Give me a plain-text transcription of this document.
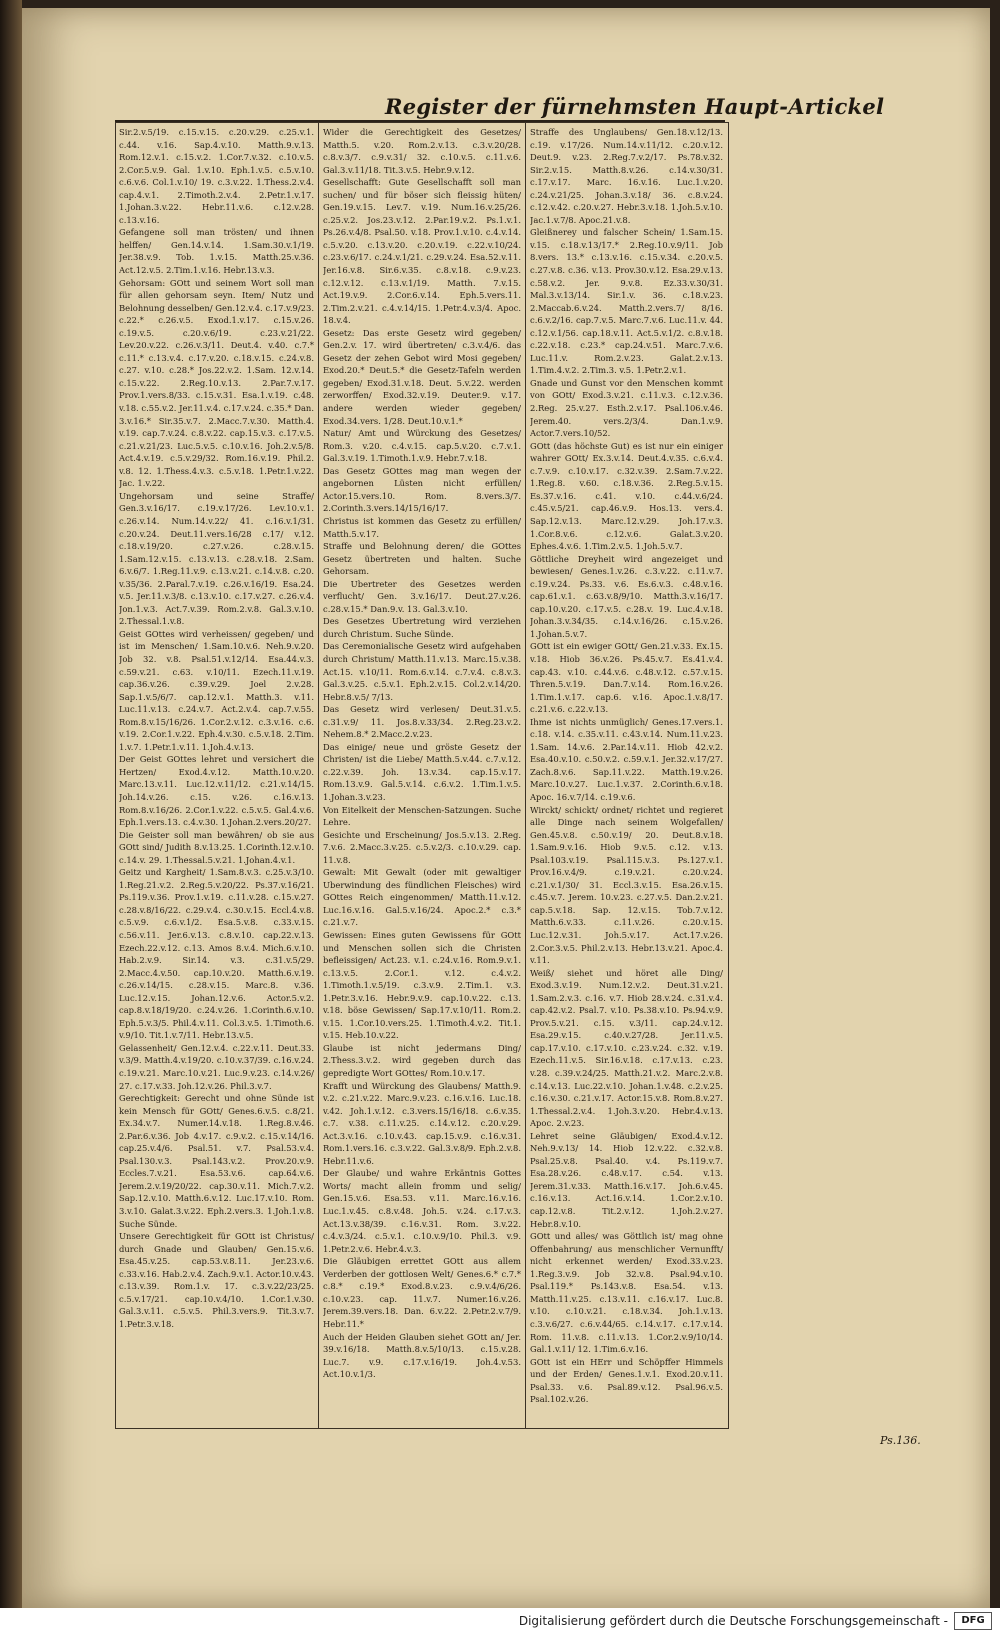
Register der fürnehmsten Haupt-Artickel

Sir.2.v.5/19. c.15.v.15. c.20.v.29. c.25.v.1. c.44. v.16. Sap.4.v.10. Matth.9.v.13. Rom.12.v.1. c.15.v.2. 1.Cor.7.v.32. c.10.v.5. 2.Cor.5.v.9. Gal. 1.v.10. Eph.1.v.5. c.5.v.10. c.6.v.6. Col.1.v.10/ 19. c.3.v.22. 1.Thess.2.v.4. cap.4.v.1. 2.Timoth.2.v.4. 2.Petr.1.v.17. 1.Johan.3.v.22. Hebr.11.v.6. c.12.v.28. c.13.v.16.

Gefangene soll man trösten/ und ihnen helffen/ Gen.14.v.14. 1.Sam.30.v.1/19. Jer.38.v.9. Tob. 1.v.15. Matth.25.v.36. Act.12.v.5. 2.Tim.1.v.16. Hebr.13.v.3.

Gehorsam: GOtt und seinem Wort soll man für allen gehorsam seyn. Item/ Nutz und Belohnung desselben/ Gen.12.v.4. c.17.v.9/23. c.22.* c.26.v.5. Exod.1.v.17. c.15.v.26. c.19.v.5. c.20.v.6/19. c.23.v.21/22. Lev.20.v.22. c.26.v.3/11. Deut.4. v.40. c.7.* c.11.* c.13.v.4. c.17.v.20. c.18.v.15. c.24.v.8. c.27. v.10. c.28.* Jos.22.v.2. 1.Sam. 12.v.14. c.15.v.22. 2.Reg.10.v.13. 2.Par.7.v.17. Prov.1.vers.8/33. c.15.v.31. Esa.1.v.19. c.48. v.18. c.55.v.2. Jer.11.v.4. c.17.v.24. c.35.* Dan. 3.v.16.* Sir.35.v.7. 2.Macc.7.v.30. Matth.4. v.19. cap.7.v.24. c.8.v.22. cap.15.v.3. c.17.v.5. c.21.v.21/23. Luc.5.v.5. c.10.v.16. Joh.2.v.5/8. Act.4.v.19. c.5.v.29/32. Rom.16.v.19. Phil.2. v.8. 12. 1.Thess.4.v.3. c.5.v.18. 1.Petr.1.v.22. Jac. 1.v.22.

Ungehorsam und seine Straffe/ Gen.3.v.16/17. c.19.v.17/26. Lev.10.v.1. c.26.v.14. Num.14.v.22/ 41. c.16.v.1/31. c.20.v.24. Deut.11.vers.16/28 c.17/ v.12. c.18.v.19/20. c.27.v.26. c.28.v.15. 1.Sam.12.v.15. c.13.v.13. c.28.v.18. 2.Sam. 6.v.6/7. 1.Reg.11.v.9. c.13.v.21. c.14.v.8. c.20. v.35/36. 2.Paral.7.v.19. c.26.v.16/19. Esa.24. v.5. Jer.11.v.3/8. c.13.v.10. c.17.v.27. c.26.v.4. Jon.1.v.3. Act.7.v.39. Rom.2.v.8. Gal.3.v.10. 2.Thessal.1.v.8.

Geist GOttes wird verheissen/ gegeben/ und ist im Menschen/ 1.Sam.10.v.6. Neh.9.v.20. Job 32. v.8. Psal.51.v.12/14. Esa.44.v.3. c.59.v.21. c.63. v.10/11. Ezech.11.v.19. cap.36.v.26. c.39.v.29. Joel 2.v.28. Sap.1.v.5/6/7. cap.12.v.1. Matth.3. v.11. Luc.11.v.13. c.24.v.7. Act.2.v.4. cap.7.v.55. Rom.8.v.15/16/26. 1.Cor.2.v.12. c.3.v.16. c.6. v.19. 2.Cor.1.v.22. Eph.4.v.30. c.5.v.18. 2.Tim. 1.v.7. 1.Petr.1.v.11. 1.Joh.4.v.13.

Der Geist GOttes lehret und versichert die Hertzen/ Exod.4.v.12. Matth.10.v.20. Marc.13.v.11. Luc.12.v.11/12. c.21.v.14/15. Joh.14.v.26. c.15. v.26. c.16.v.13. Rom.8.v.16/26. 2.Cor.1.v.22. c.5.v.5. Gal.4.v.6. Eph.1.vers.13. c.4.v.30. 1.Johan.2.vers.20/27.

Die Geister soll man bewähren/ ob sie aus GOtt sind/ Judith 8.v.13.25. 1.Corinth.12.v.10. c.14.v. 29. 1.Thessal.5.v.21. 1.Johan.4.v.1.

Geitz und Kargheit/ 1.Sam.8.v.3. c.25.v.3/10. 1.Reg.21.v.2. 2.Reg.5.v.20/22. Ps.37.v.16/21. Ps.119.v.36. Prov.1.v.19. c.11.v.28. c.15.v.27. c.28.v.8/16/22. c.29.v.4. c.30.v.15. Eccl.4.v.8. c.5.v.9. c.6.v.1/2. Esa.5.v.8. c.33.v.15. c.56.v.11. Jer.6.v.13. c.8.v.10. cap.22.v.13. Ezech.22.v.12. c.13. Amos 8.v.4. Mich.6.v.10. Hab.2.v.9. Sir.14. v.3. c.31.v.5/29. 2.Macc.4.v.50. cap.10.v.20. Matth.6.v.19. c.26.v.14/15. c.28.v.15. Marc.8. v.36. Luc.12.v.15. Johan.12.v.6. Actor.5.v.2. cap.8.v.18/19/20. c.24.v.26. 1.Corinth.6.v.10. Eph.5.v.3/5. Phil.4.v.11. Col.3.v.5. 1.Timoth.6. v.9/10. Tit.1.v.7/11. Hebr.13.v.5.

Gelassenheit/ Gen.12.v.4. c.22.v.11. Deut.33. v.3/9. Matth.4.v.19/20. c.10.v.37/39. c.16.v.24. c.19.v.21. Marc.10.v.21. Luc.9.v.23. c.14.v.26/ 27. c.17.v.33. Joh.12.v.26. Phil.3.v.7.

Gerechtigkeit: Gerecht und ohne Sünde ist kein Mensch für GOtt/ Genes.6.v.5. c.8/21. Ex.34.v.7. Numer.14.v.18. 1.Reg.8.v.46. 2.Par.6.v.36. Job 4.v.17. c.9.v.2. c.15.v.14/16. cap.25.v.4/6. Psal.51. v.7. Psal.53.v.4. Psal.130.v.3. Psal.143.v.2. Prov.20.v.9. Eccles.7.v.21. Esa.53.v.6. cap.64.v.6. Jerem.2.v.19/20/22. cap.30.v.11. Mich.7.v.2. Sap.12.v.10. Matth.6.v.12. Luc.17.v.10. Rom. 3.v.10. Galat.3.v.22. Eph.2.vers.3. 1.Joh.1.v.8. Suche Sünde.

Unsere Gerechtigkeit für GOtt ist Christus/ durch Gnade und Glauben/ Gen.15.v.6. Esa.45.v.25. cap.53.v.8.11. Jer.23.v.6. c.33.v.16. Hab.2.v.4. Zach.9.v.1. Actor.10.v.43. c.13.v.39. Rom.1.v. 17. c.3.v.22/23/25. c.5.v.17/21. cap.10.v.4/10. 1.Cor.1.v.30. Gal.3.v.11. c.5.v.5. Phil.3.vers.9. Tit.3.v.7. 1.Petr.3.v.18.

Wider die Gerechtigkeit des Gesetzes/ Matth.5. v.20. Rom.2.v.13. c.3.v.20/28. c.8.v.3/7. c.9.v.31/ 32. c.10.v.5. c.11.v.6. Gal.3.v.11/18. Tit.3.v.5. Hebr.9.v.12.

Gesellschafft: Gute Gesellschafft soll man suchen/ und für böser sich fleissig hüten/ Gen.19.v.15. Lev.7. v.19. Num.16.v.25/26. c.25.v.2. Jos.23.v.12. 2.Par.19.v.2. Ps.1.v.1. Ps.26.v.4/8. Psal.50. v.18. Prov.1.v.10. c.4.v.14. c.5.v.20. c.13.v.20. c.20.v.19. c.22.v.10/24. c.23.v.6/17. c.24.v.1/21. c.29.v.24. Esa.52.v.11. Jer.16.v.8. Sir.6.v.35. c.8.v.18. c.9.v.23. c.12.v.12. c.13.v.1/19. Matth. 7.v.15. Act.19.v.9. 2.Cor.6.v.14. Eph.5.vers.11. 2.Tim.2.v.21. c.4.v.14/15. 1.Petr.4.v.3/4. Apoc. 18.v.4.

Gesetz: Das erste Gesetz wird gegeben/ Gen.2.v. 17. wird übertreten/ c.3.v.4/6. das Gesetz der zehen Gebot wird Mosi gegeben/ Exod.20.* Deut.5.* die Gesetz-Tafeln werden gegeben/ Exod.31.v.18. Deut. 5.v.22. werden zerworffen/ Exod.32.v.19. Deuter.9. v.17. andere werden wieder gegeben/ Exod.34.vers. 1/28. Deut.10.v.1.*

Natur/ Amt und Würckung des Gesetzes/ Rom.3. v.20. c.4.v.15. cap.5.v.20. c.7.v.1. Gal.3.v.19. 1.Timoth.1.v.9. Hebr.7.v.18.

Das Gesetz GOttes mag man wegen der angebornen Lüsten nicht erfüllen/ Actor.15.vers.10. Rom. 8.vers.3/7. 2.Corinth.3.vers.14/15/16/17.

Christus ist kommen das Gesetz zu erfüllen/ Matth.5.v.17.

Straffe und Belohnung deren/ die GOttes Gesetz übertreten und halten. Suche Gehorsam.

Die Ubertreter des Gesetzes werden verflucht/ Gen. 3.v.16/17. Deut.27.v.26. c.28.v.15.* Dan.9.v. 13. Gal.3.v.10.

Des Gesetzes Ubertretung wird verziehen durch Christum. Suche Sünde.

Das Ceremonialische Gesetz wird aufgehaben durch Christum/ Matth.11.v.13. Marc.15.v.38. Act.15. v.10/11. Rom.6.v.14. c.7.v.4. c.8.v.3. Gal.3.v.25. c.5.v.1. Eph.2.v.15. Col.2.v.14/20. Hebr.8.v.5/ 7/13.

Das Gesetz wird verlesen/ Deut.31.v.5. c.31.v.9/ 11. Jos.8.v.33/34. 2.Reg.23.v.2. Nehem.8.* 2.Macc.2.v.23.

Das einige/ neue und gröste Gesetz der Christen/ ist die Liebe/ Matth.5.v.44. c.7.v.12. c.22.v.39. Joh. 13.v.34. cap.15.v.17. Rom.13.v.9. Gal.5.v.14. c.6.v.2. 1.Tim.1.v.5. 1.Johan.3.v.23.

Von Eitelkeit der Menschen-Satzungen. Suche Lehre.

Gesichte und Erscheinung/ Jos.5.v.13. 2.Reg. 7.v.6. 2.Macc.3.v.25. c.5.v.2/3. c.10.v.29. cap. 11.v.8.

Gewalt: Mit Gewalt (oder mit gewaltiger Uberwindung des fündlichen Fleisches) wird GOttes Reich eingenommen/ Matth.11.v.12. Luc.16.v.16. Gal.5.v.16/24. Apoc.2.* c.3.* c.21.v.7.

Gewissen: Eines guten Gewissens für GOtt und Menschen sollen sich die Christen befleissigen/ Act.23. v.1. c.24.v.16. Rom.9.v.1. c.13.v.5. 2.Cor.1. v.12. c.4.v.2. 1.Timoth.1.v.5/19. c.3.v.9. 2.Tim.1. v.3. 1.Petr.3.v.16. Hebr.9.v.9. cap.10.v.22. c.13. v.18. böse Gewissen/ Sap.17.v.10/11. Rom.2. v.15. 1.Cor.10.vers.25. 1.Timoth.4.v.2. Tit.1. v.15. Heb.10.v.22.

Glaube ist nicht jedermans Ding/ 2.Thess.3.v.2. wird gegeben durch das gepredigte Wort GOttes/ Rom.10.v.17.

Krafft und Würckung des Glaubens/ Matth.9. v.2. c.21.v.22. Marc.9.v.23. c.16.v.16. Luc.18. v.42. Joh.1.v.12. c.3.vers.15/16/18. c.6.v.35. c.7. v.38. c.11.v.25. c.14.v.12. c.20.v.29. Act.3.v.16. c.10.v.43. cap.15.v.9. c.16.v.31. Rom.1.vers.16. c.3.v.22. Gal.3.v.8/9. Eph.2.v.8. Hebr.11.v.6.

Der Glaube/ und wahre Erkäntnis Gottes Worts/ macht allein fromm und selig/ Gen.15.v.6. Esa.53. v.11. Marc.16.v.16. Luc.1.v.45. c.8.v.48. Joh.5. v.24. c.17.v.3. Act.13.v.38/39. c.16.v.31. Rom. 3.v.22. c.4.v.3/24. c.5.v.1. c.10.v.9/10. Phil.3. v.9. 1.Petr.2.v.6. Hebr.4.v.3.

Die Gläubigen errettet GOtt aus allem Verderben der gottlosen Welt/ Genes.6.* c.7.* c.8.* c.19.* Exod.8.v.23. c.9.v.4/6/26. c.10.v.23. cap. 11.v.7. Numer.16.v.26. Jerem.39.vers.18. Dan. 6.v.22. 2.Petr.2.v.7/9. Hebr.11.*

Auch der Heiden Glauben siehet GOtt an/ Jer. 39.v.16/18. Matth.8.v.5/10/13. c.15.v.28. Luc.7. v.9. c.17.v.16/19. Joh.4.v.53. Act.10.v.1/3.

Straffe des Unglaubens/ Gen.18.v.12/13. c.19. v.17/26. Num.14.v.11/12. c.20.v.12. Deut.9. v.23. 2.Reg.7.v.2/17. Ps.78.v.32. Sir.2.v.15. Matth.8.v.26. c.14.v.30/31. c.17.v.17. Marc. 16.v.16. Luc.1.v.20. c.24.v.21/25. Johan.3.v.18/ 36. c.8.v.24. c.12.v.42. c.20.v.27. Hebr.3.v.18. 1.Joh.5.v.10. Jac.1.v.7/8. Apoc.21.v.8.

Gleißnerey und falscher Schein/ 1.Sam.15. v.15. c.18.v.13/17.* 2.Reg.10.v.9/11. Job 8.vers. 13.* c.13.v.16. c.15.v.34. c.20.v.5. c.27.v.8. c.36. v.13. Prov.30.v.12. Esa.29.v.13. c.58.v.2. Jer. 9.v.8. Ez.33.v.30/31. Mal.3.v.13/14. Sir.1.v. 36. c.18.v.23. 2.Maccab.6.v.24. Matth.2.vers.7/ 8/16. c.6.v.2/16. cap.7.v.5. Marc.7.v.6. Luc.11.v. 44. c.12.v.1/56. cap.18.v.11. Act.5.v.1/2. c.8.v.18. c.22.v.18. c.23.* cap.24.v.51. Marc.7.v.6. Luc.11.v. Rom.2.v.23. Galat.2.v.13. 1.Tim.4.v.2. 2.Tim.3. v.5. 1.Petr.2.v.1.

Gnade und Gunst vor den Menschen kommt von GOtt/ Exod.3.v.21. c.11.v.3. c.12.v.36. 2.Reg. 25.v.27. Esth.2.v.17. Psal.106.v.46. Jerem.40. vers.2/3/4. Dan.1.v.9. Actor.7.vers.10/52.

GOtt (das höchste Gut) es ist nur ein einiger wahrer GOtt/ Ex.3.v.14. Deut.4.v.35. c.6.v.4. c.7.v.9. c.10.v.17. c.32.v.39. 2.Sam.7.v.22. 1.Reg.8. v.60. c.18.v.36. 2.Reg.5.v.15. Es.37.v.16. c.41. v.10. c.44.v.6/24. c.45.v.5/21. cap.46.v.9. Hos.13. vers.4. Sap.12.v.13. Marc.12.v.29. Joh.17.v.3. 1.Cor.8.v.6. c.12.v.6. Galat.3.v.20. Ephes.4.v.6. 1.Tim.2.v.5. 1.Joh.5.v.7.

Göttliche Dreyheit wird angezeiget und bewiesen/ Genes.1.v.26. c.3.v.22. c.11.v.7. c.19.v.24. Ps.33. v.6. Es.6.v.3. c.48.v.16. cap.61.v.1. c.63.v.8/9/10. Matth.3.v.16/17. cap.10.v.20. c.17.v.5. c.28.v. 19. Luc.4.v.18. Johan.3.v.34/35. c.14.v.16/26. c.15.v.26. 1.Johan.5.v.7.

GOtt ist ein ewiger GOtt/ Gen.21.v.33. Ex.15. v.18. Hiob 36.v.26. Ps.45.v.7. Es.41.v.4. cap.43. v.10. c.44.v.6. c.48.v.12. c.57.v.15. Thren.5.v.19. Dan.7.v.14. Rom.16.v.26. 1.Tim.1.v.17. cap.6. v.16. Apoc.1.v.8/17. c.21.v.6. c.22.v.13.

Ihme ist nichts unmüglich/ Genes.17.vers.1. c.18. v.14. c.35.v.11. c.43.v.14. Num.11.v.23. 1.Sam. 14.v.6. 2.Par.14.v.11. Hiob 42.v.2. Esa.40.v.10. c.50.v.2. c.59.v.1. Jer.32.v.17/27. Zach.8.v.6. Sap.11.v.22. Matth.19.v.26. Marc.10.v.27. Luc.1.v.37. 2.Corinth.6.v.18. Apoc. 16.v.7/14. c.19.v.6.

Wirckt/ schickt/ ordnet/ richtet und regieret alle Dinge nach seinem Wolgefallen/ Gen.45.v.8. c.50.v.19/ 20. Deut.8.v.18. 1.Sam.9.v.16. Hiob 9.v.5. c.12. v.13. Psal.103.v.19. Psal.115.v.3. Ps.127.v.1. Prov.16.v.4/9. c.19.v.21. c.20.v.24. c.21.v.1/30/ 31. Eccl.3.v.15. Esa.26.v.15. c.45.v.7. Jerem. 10.v.23. c.27.v.5. Dan.2.v.21. cap.5.v.18. Sap. 12.v.15. Tob.7.v.12. Matth.6.v.33. c.11.v.26. c.20.v.15. Luc.12.v.31. Joh.5.v.17. Act.17.v.26. 2.Cor.3.v.5. Phil.2.v.13. Hebr.13.v.21. Apoc.4. v.11.

Weiß/ siehet und höret alle Ding/ Exod.3.v.19. Num.12.v.2. Deut.31.v.21. 1.Sam.2.v.3. c.16. v.7. Hiob 28.v.24. c.31.v.4. cap.42.v.2. Psal.7. v.10. Ps.38.v.10. Ps.94.v.9. Prov.5.v.21. c.15. v.3/11. cap.24.v.12. Esa.29.v.15. c.40.v.27/28. Jer.11.v.5. cap.17.v.10. c.17.v.10. c.23.v.24. c.32. v.19. Ezech.11.v.5. Sir.16.v.18. c.17.v.13. c.23. v.28. c.39.v.24/25. Matth.21.v.2. Marc.2.v.8. c.14.v.13. Luc.22.v.10. Johan.1.v.48. c.2.v.25. c.16.v.30. c.21.v.17. Actor.15.v.8. Rom.8.v.27. 1.Thessal.2.v.4. 1.Joh.3.v.20. Hebr.4.v.13. Apoc. 2.v.23.

Lehret seine Gläubigen/ Exod.4.v.12. Neh.9.v.13/ 14. Hiob 12.v.22. c.32.v.8. Psal.25.v.8. Psal.40. v.4. Ps.119.v.7. Esa.28.v.26. c.48.v.17. c.54. v.13. Jerem.31.v.33. Matth.16.v.17. Joh.6.v.45. c.16.v.13. Act.16.v.14. 1.Cor.2.v.10. cap.12.v.8. Tit.2.v.12. 1.Joh.2.v.27. Hebr.8.v.10.

GOtt und alles/ was Göttlich ist/ mag ohne Offenbahrung/ aus menschlicher Vernunfft/ nicht erkennet werden/ Exod.33.v.23. 1.Reg.3.v.9. Job 32.v.8. Psal.94.v.10. Psal.119.* Ps.143.v.8. Esa.54. v.13. Matth.11.v.25. c.13.v.11. c.16.v.17. Luc.8. v.10. c.10.v.21. c.18.v.34. Joh.1.v.13. c.3.v.6/27. c.6.v.44/65. c.14.v.17. c.17.v.14. Rom. 11.v.8. c.11.v.13. 1.Cor.2.v.9/10/14. Gal.1.v.11/ 12. 1.Tim.6.v.16.

GOtt ist ein HErr und Schöpffer Himmels und der Erden/ Genes.1.v.1. Exod.20.v.11. Psal.33. v.6. Psal.89.v.12. Psal.96.v.5. Psal.102.v.26.

Ps.136.
Digitalisierung gefördert durch die Deutsche Forschungsgemeinschaft -	DFG
